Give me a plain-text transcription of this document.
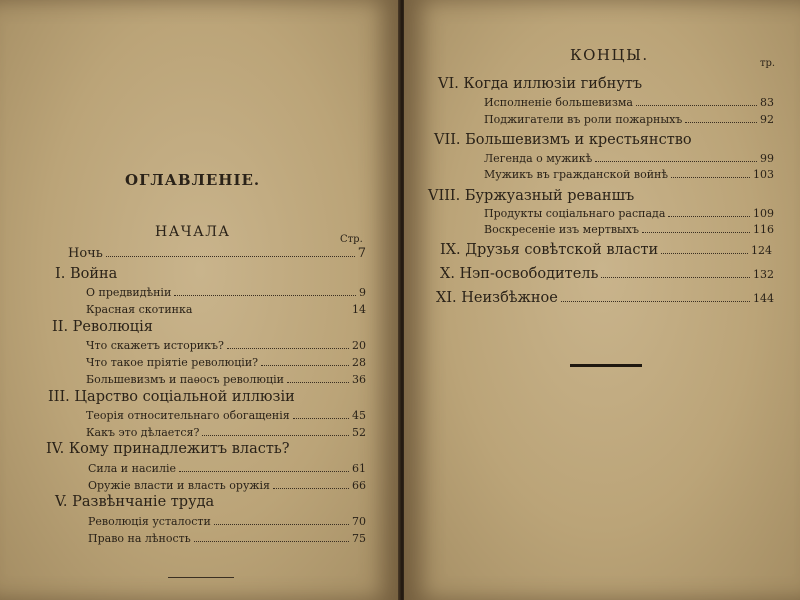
ОГЛАВЛЕНІЕ.
НАЧАЛА	Стр.
Ночь	7
I. Война
О предвидѣніи	9
Красная скотинка	14
II. Революція
Что скажетъ историкъ?	20
Что такое пріятіе революціи?	28
Большевизмъ и паѳосъ революціи	36
III. Царство соціальной иллюзіи
Теорія относительнаго обогащенія	45
Какъ это дѣлается?	52
IV. Кому принадлежитъ власть?
Сила и насиліе	61
Оружіе власти и власть оружія	66
V. Развѣнчаніе труда
Революція усталости	70
Право на лѣность	75
КОНЦЫ.	тр.
VI. Когда иллюзіи гибнутъ
Исполненіе большевизма	83
Поджигатели въ роли пожарныхъ	92
VII. Большевизмъ и крестьянство
Легенда о мужикѣ	99
Мужикъ въ гражданской войнѣ	103
VIII. Буржуазный реваншъ
Продукты соціальнаго распада	109
Воскресеніе изъ мертвыхъ	116
IX. Друзья совѣтской власти	124
X. Нэп-освободитель	132
XI. Неизбѣжное	144
